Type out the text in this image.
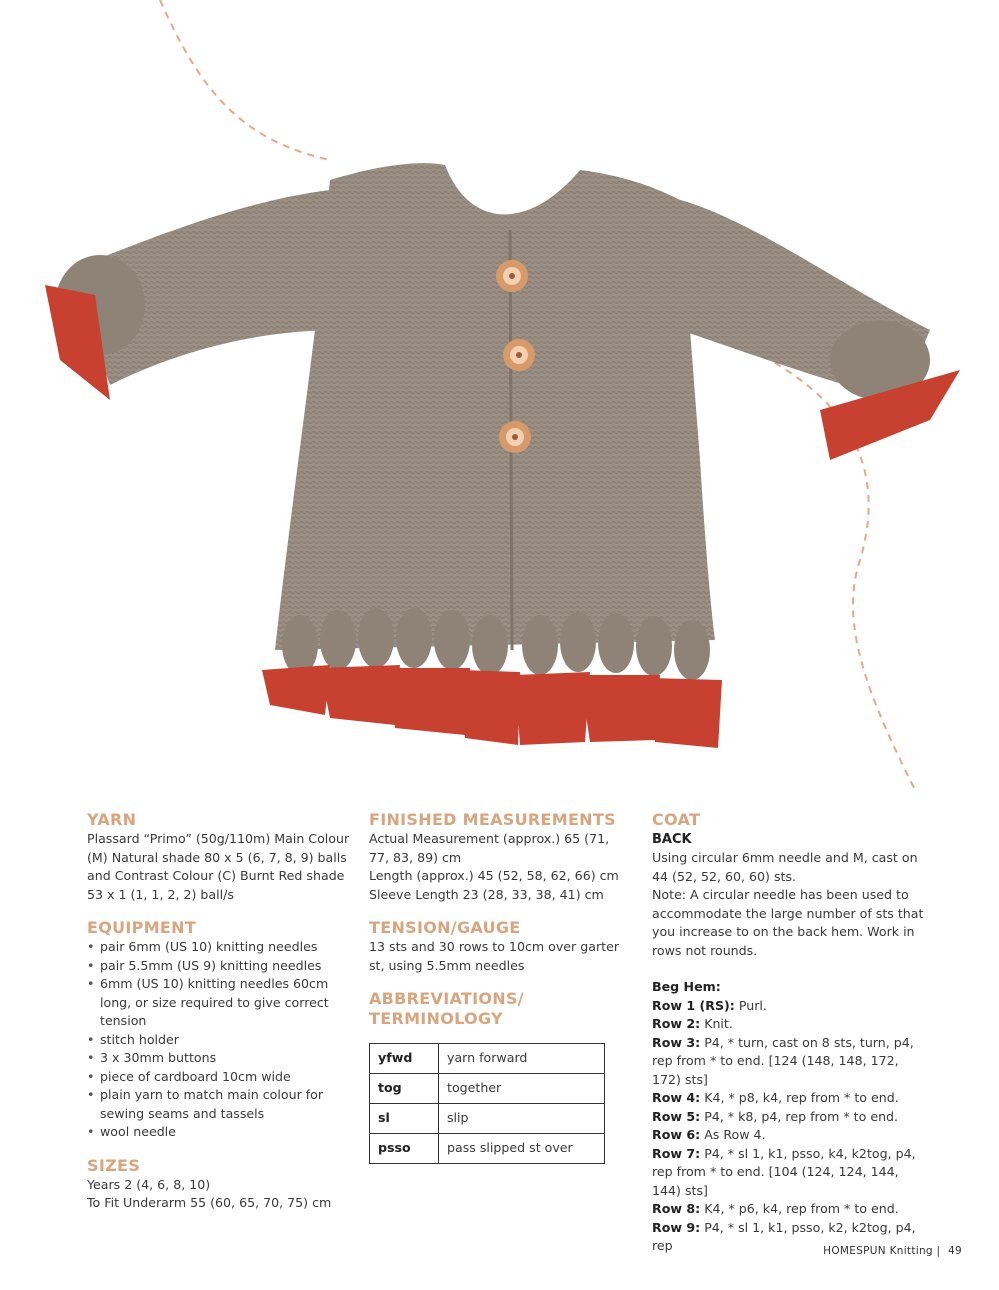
YARN

Plassard “Primo” (50g/110m) Main Colour (M) Natural shade 80 x 5 (6, 7, 8, 9) balls and Contrast Colour (C) Burnt Red shade 53 x 1 (1, 1, 2, 2) ball/s

EQUIPMENT
• pair 6mm (US 10) knitting needles
• pair 5.5mm (US 9) knitting needles
• 6mm (US 10) knitting needles 60cm long, or size required to give correct tension
• stitch holder
• 3 x 30mm buttons
• piece of cardboard 10cm wide
• plain yarn to match main colour for sewing seams and tassels
• wool needle
SIZES

Years 2 (4, 6, 8, 10)

To Fit Underarm 55 (60, 65, 70, 75) cm

FINISHED MEASUREMENTS

Actual Measurement (approx.) 65 (71, 77, 83, 89) cm

Length (approx.) 45 (52, 58, 62, 66) cm

Sleeve Length 23 (28, 33, 38, 41) cm

TENSION/GAUGE

13 sts and 30 rows to 10cm over garter st, using 5.5mm needles

ABBREVIATIONS/ TERMINOLOGY
yfwd	yarn forward
tog	together
sl	slip
psso	pass slipped st over
COAT
BACK

Using circular 6mm needle and M, cast on 44 (52, 52, 60, 60) sts.

Note: A circular needle has been used to accommodate the large number of sts that you increase to on the back hem. Work in rows not rounds.

Beg Hem:

Row 1 (RS): Purl.

Row 2: Knit.

Row 3: P4, * turn, cast on 8 sts, turn, p4, rep from * to end. [124 (148, 148, 172, 172) sts]

Row 4: K4, * p8, k4, rep from * to end.

Row 5: P4, * k8, p4, rep from * to end.

Row 6: As Row 4.

Row 7: P4, * sl 1, k1, psso, k4, k2tog, p4, rep from * to end. [104 (124, 124, 144, 144) sts]

Row 8: K4, * p6, k4, rep from * to end.

Row 9: P4, * sl 1, k1, psso, k2, k2tog, p4, rep	HOMESPUN Knitting | 49
